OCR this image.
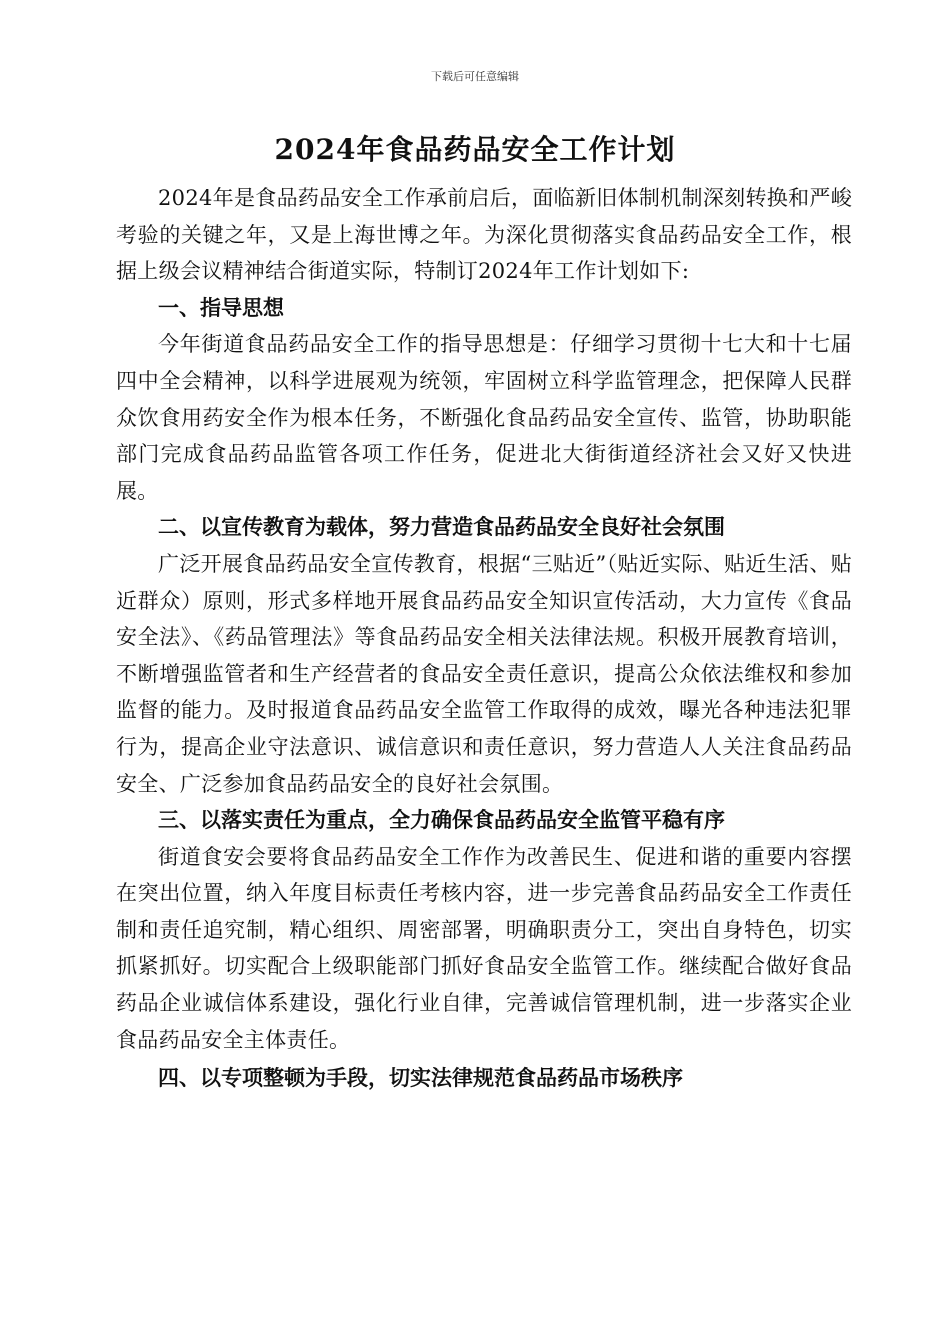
下载后可任意编辑
2024年食品药品安全工作计划

2024年是食品药品安全工作承前启后，面临新旧体制机制深刻转换和严峻考验的关键之年，又是上海世博之年。为深化贯彻落实食品药品安全工作，根据上级会议精神结合街道实际，特制订2024年工作计划如下:

一、指导思想

今年街道食品药品安全工作的指导思想是：仔细学习贯彻十七大和十七届四中全会精神，以科学进展观为统领，牢固树立科学监管理念，把保障人民群众饮食用药安全作为根本任务，不断强化食品药品安全宣传、监管，协助职能部门完成食品药品监管各项工作任务，促进北大街街道经济社会又好又快进展。

二、以宣传教育为载体，努力营造食品药品安全良好社会氛围

广泛开展食品药品安全宣传教育，根据“三贴近”（贴近实际、贴近生活、贴近群众）原则，形式多样地开展食品药品安全知识宣传活动，大力宣传《食品安全法》、《药品管理法》等食品药品安全相关法律法规。积极开展教育培训，不断增强监管者和生产经营者的食品安全责任意识，提高公众依法维权和参加监督的能力。及时报道食品药品安全监管工作取得的成效，曝光各种违法犯罪行为，提高企业守法意识、诚信意识和责任意识，努力营造人人关注食品药品安全、广泛参加食品药品安全的良好社会氛围。

三、以落实责任为重点，全力确保食品药品安全监管平稳有序

街道食安会要将食品药品安全工作作为改善民生、促进和谐的重要内容摆在突出位置，纳入年度目标责任考核内容，进一步完善食品药品安全工作责任制和责任追究制，精心组织、周密部署，明确职责分工，突出自身特色，切实抓紧抓好。切实配合上级职能部门抓好食品安全监管工作。继续配合做好食品药品企业诚信体系建设，强化行业自律，完善诚信管理机制，进一步落实企业食品药品安全主体责任。

四、以专项整顿为手段，切实法律规范食品药品市场秩序
